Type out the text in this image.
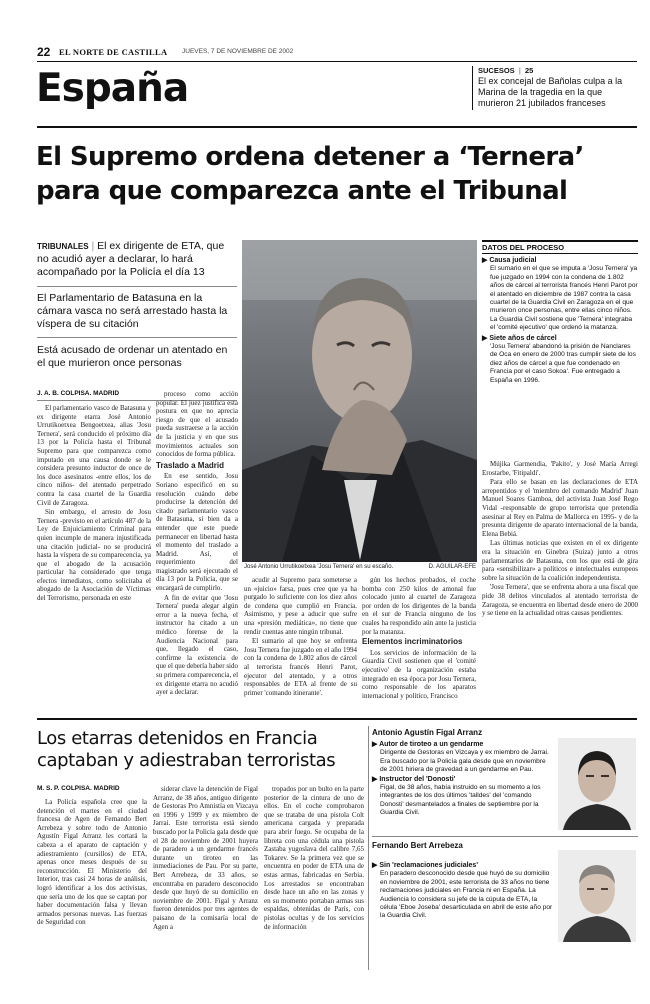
22 EL NORTE DE CASTILLA JUEVES, 7 DE NOVIEMBRE DE 2002
España	SUCESOS | 25
El ex concejal de Bañolas culpa a la Marina de la tragedia en la que murieron 21 jubilados franceses
El Supremo ordena detener a ‘Ternera’ para que comparezca ante el Tribunal
TRIBUNALES | El ex dirigente de ETA, que no acudió ayer a declarar, lo hará acompañado por la Policía el día 13
El Parlamentario de Batasuna en la cámara vasca no será arrestado hasta la víspera de su citación
Está acusado de ordenar un atentado en el que murieron once personas
José Antonio Urrutikoetxea 'Josu Ternera' en su escaño.	D. AGUILAR-EFE
DATOS DEL PROCESO
▶ Causa judicial
El sumario en el que se imputa a 'Josu Ternera' ya fue juzgado en 1994 con la condena de 1.802 años de cárcel al terrorista francés Henri Parot por el atentado en diciembre de 1987 contra la casa cuartel de la Guardia Civil en Zaragoza en el que murieron once personas, entre ellas cinco niños. La Guardia Civil sostiene que 'Ternera' integraba el 'comité ejecutivo' que ordenó la matanza.
▶ Siete años de cárcel
'Josu Ternera' abandonó la prisión de Nanclares de Oca en enero de 2000 tras cumplir siete de los diez años de cárcel a que fue condenado en Francia por el caso Sokoa'. Fue entregado a España en 1996.
J. A. B. COLPISA. MADRID

El parlamentario vasco de Batasuna y ex dirigente etarra José Antonio Urrutikoetxea Bengoetxea, alias 'Josu Ternera', será conducido el próximo día 13 por la Policía hasta el Tribunal Supremo para que comparezca como imputado en una causa donde se le considera presunto inductor de once de los doce asesinatos -entre ellos, los de cinco niños- del atentado perpetrado contra la casa cuartel de la Guardia Civil de Zaragoza.

Sin embargo, el arresto de Josu Ternera -previsto en el artículo 487 de la Ley de Enjuiciamiento Criminal para quien incumple de manera injustificada una citación judicial- no se producirá hasta la víspera de su comparecencia, ya que el abogado de la acusación particular ha considerado que tenga efectos inmediatos, como solicitaba el abogado de la Asociación de Víctimas del Terrorismo, personada en este

proceso como acción popular. El juez justifica esta postura en que no aprecia riesgo de que el acusado pueda sustraerse a la acción de la justicia y en que sus movimientos actuales son conocidos de forma pública.

Traslado a Madrid

En ese sentido, Josu Soriano especificó en su resolución cuándo debe producirse la detención del citado parlamentario vasco de Batasuna, si bien da a entender que este puede permanecer en libertad hasta el momento del traslado a Madrid. Así, el requerimiento del magistrado será ejecutado el día 13 por la Policía, que se encargará de cumplirlo.

A fin de evitar que 'Josu Ternera' pueda alegar algún error a la nueva fecha, el instructor ha citado a un médico forense de la Audiencia Nacional para que, llegado el caso, confirme la existencia de que el que debería haber sido su primera comparecencia, el ex dirigente etarra no acudió ayer a declarar.

acudir al Supremo para someterse a un «juicio» farsa, pues cree que ya ha purgado lo suficiente con los diez años de condena que cumplió en Francia. Asimismo, y pese a aducir que sufre una «presión mediática», no tiene que rendir cuentas ante ningún tribunal.

El sumario al que hoy se enfrenta Josu Ternera fue juzgado en el año 1994 con la condena de 1.802 años de cárcel al terrorista francés Henri Parot, ejecutor del atentado, y a otros responsables de ETA al frente de su primer 'comando itinerante'.

gún los hechos probados, el coche bomba con 250 kilos de amonal fue colocado junto al cuartel de Zaragoza por orden de los dirigentes de la banda en el sur de Francia ninguno de los cuales ha respondido aún ante la justicia por la matanza.

Elementos incriminatorios

Los servicios de información de la Guardia Civil sostienen que el 'comité ejecutivo' de la organización estaba integrado en esa época por Josu Ternera, como responsable de los aparatos internacional y político, Francisco

Mújika Garmendia, 'Pakito', y José María Arregi Erostarbe, 'Fitipaldi'.

Para ello se basan en las declaraciones de ETA arrepentidos y el 'miembro del comando Madrid' Juan Manuel Soares Gamboa, del activista Juan José Rego Vidal -responsable de grupo terrorista que pretendía asesinar al Rey en Palma de Mallorca en 1995- y de la presunta dirigente de aparato internacional de la banda, Elena Bebiá.

Las últimas noticias que existen en el ex dirigente era la situación en Ginebra (Suiza) junto a otros parlamentarios de Batasuna, con los que está de gira para «sensibilizar» a políticos e intelectuales europeos sobre la situación de la coalición independentista.

'Josu Ternera', que se enfrenta ahora a una fiscal que pide 38 delitos vinculados al atentado terrorista de Zaragoza, se encuentra en libertad desde enero de 2000 y se tiene en la actualidad otras causas pendientes.

Los etarras detenidos en Francia captaban y adiestraban terroristas
M. S. P. COLPISA. MADRID

La Policía española cree que la detención el martes en el ciudad francesa de Agen de Fernando Bert Arrebeza y sobre todo de Antonio Agustín Figal Arranz les cortará la cabeza a el aparato de captación y adiestramiento (cursillos) de ETA, apenas once meses después de su reconstrucción. El Ministerio del Interior, tras casi 24 horas de análisis, logró identificar a los dos activistas, que sería uno de los que se captan por haber documentación falsa y llevan armados personas nuevas. Las fuerzas de Seguridad con

siderar clave la detención de Figal Arranz, de 38 años, antiguo dirigente de Gestoras Pro Amnistía en Vizcaya en 1996 y 1999 y ex miembro de Jarrai. Este terrorista está siendo buscado por la Policía gala desde que el 28 de noviembre de 2001 huyera de paradero a un gendarme francés durante un tiroteo en las inmediaciones de Pau. Por su parte, Bert Arrebeza, de 33 años, se encontraba en paradero desconocido desde que huyó de su domicilio en noviembre de 2001. Figal y Arranz fueron detenidos por tres agentes de paisano de la comisaría local de Agen a

tropados por un bulto en la parte posterior de la cintura de uno de ellos. En el coche comprobaron que se trataba de una pistola Colt americana cargada y preparada para abrir fuego. Se ocupaba de la libreta con una cédula una pistola Zastaba yugoslava del calibre 7,65 Tokarev. Se la primera vez que se encuentra en poder de ETA una de estas armas, fabricadas en Serbia. Los arrestados se encontraban desde hace un año en las zonas y en su momento portaban armas sus espaldas, obtenidas de París, con pistolas ocultas y de los servicios de información

Antonio Agustín Figal Arranz
▶ Autor de tiroteo a un gendarme
Dirigente de Gestoras en Vizcaya y ex miembro de Jarrai. Era buscado por la Policía gala desde que en noviembre de 2001 hiriera de gravedad a un gendarme en Pau.
▶ Instructor del 'Donosti'
Figal, de 38 años, había instruido en su momento a los integrantes de los dos últimos 'talldes' del 'comando Donosti' desmantelados a finales de septiembre por la Guardia Civil.
Fernando Bert Arrebeza
▶ Sin 'reclamaciones judiciales'
En paradero desconocido desde que huyó de su domicilio en noviembre de 2001, este terrorista de 33 años no tiene reclamaciones judiciales en Francia ni en España. La Audiencia lo considera su jefe de la cúpula de ETA, la célula 'Eboe Joseba' desarticulada en abril de este año por la Guardia Civil.
